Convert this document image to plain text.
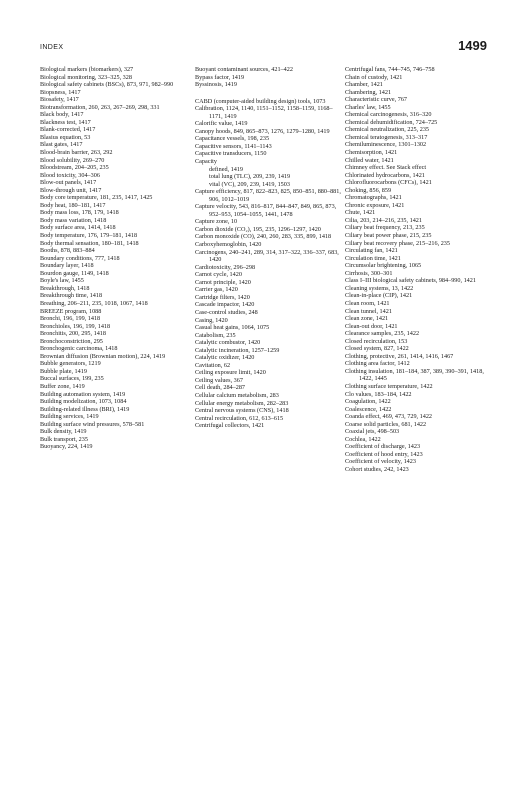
INDEX	1499
Biological markers (biomarkers), 327
Biological monitoring, 323–325, 328
Biological safety cabinets (BSCs), 873, 971, 982–990
Biopsness, 1417
Biosafety, 1417
Biotransformation, 260, 263, 267–269, 298, 331
Black body, 1417
Blackness test, 1417
Blank-corrected, 1417
Blasius equation, 53
Blast gates, 1417
Blood-brain barrier, 263, 292
Blood solubility, 269–270
Bloodstream, 204–205, 235
Blood toxicity, 304–306
Blow-out panels, 1417
Blow-through unit, 1417
Body core temperature, 181, 235, 1417, 1425
Body heat, 180–181, 1417
Body mass loss, 178, 179, 1418
Body mass variation, 1418
Body surface area, 1414, 1418
Body temperature, 176, 179–181, 1418
Body thermal sensation, 180–181, 1418
Booths, 878, 883–884
Boundary conditions, 777, 1418
Boundary layer, 1418
Bourdon gauge, 1149, 1418
Boyle's law, 1455
Breakthrough, 1418
Breakthrough time, 1418
Breathing, 206–211, 235, 1018, 1067, 1418
BREEZE program, 1088
Bronchi, 196, 199, 1418
Bronchioles, 196, 199, 1418
Bronchitis, 200, 295, 1418
Bronchoconstriction, 295
Bronchogenic carcinoma, 1418
Brownian diffusion (Brownian motion), 224, 1419
Bubble generators, 1219
Bubble plate, 1419
Buccal surfaces, 199, 235
Buffer zone, 1419
Building automation system, 1419
Building modelization, 1073, 1084
Building-related illness (BRI), 1419
Building services, 1419
Building surface wind pressures, 578–581
Bulk density, 1419
Bulk transport, 235
Buoyancy, 224, 1419
Buoyant contaminant sources, 421–422
Bypass factor, 1419
Byssinosis, 1419
CABD (computer-aided building design) tools, 1073
Calibration, 1124, 1140, 1151–1152, 1158–1159, 1168–1171, 1419
Calorific value, 1419
Canopy hoods, 849, 865–873, 1276, 1279–1280, 1419
Capacitance vessels, 198, 235
Capacitive sensors, 1141–1143
Capacitive transducers, 1150
Capacity
defined, 1419
total lung (TLC), 209, 239, 1419
vital (VC), 209, 239, 1419, 1503
Capture efficiency, 817, 822–823, 825, 850–851, 880–881, 906, 1012–1019
Capture velocity, 543, 816–817, 844–847, 849, 865, 873, 952–953, 1054–1055, 1441, 1478
Capture zone, 10
Carbon dioxide (CO₂), 195, 235, 1296–1297, 1420
Carbon monoxide (CO), 240, 260, 283, 335, 899, 1418
Carboxyhemoglobin, 1420
Carcinogens, 240–241, 289, 314, 317–322, 336–337, 683, 1420
Cardiotoxicity, 296–298
Carnot cycle, 1420
Carnot principle, 1420
Carrier gas, 1420
Cartridge filters, 1420
Cascade impactor, 1420
Case-control studies, 248
Casing, 1420
Casual heat gains, 1064, 1075
Catabolism, 235
Catalytic combustor, 1420
Catalytic incineration, 1257–1259
Catalytic oxidizer, 1420
Cavitation, 62
Ceiling exposure limit, 1420
Ceiling values, 367
Cell death, 284–287
Cellular calcium metabolism, 283
Cellular energy metabolism, 282–283
Central nervous systems (CNS), 1418
Central recirculation, 612, 613–615
Centrifugal collectors, 1421
Centrifugal fans, 744–745, 746–758
Chain of custody, 1421
Chamber, 1421
Chambering, 1421
Characteristic curve, 767
Charles' law, 1455
Chemical carcinogenesis, 316–320
Chemical dehumidification, 724–725
Chemical neutralization, 225, 235
Chemical teratogenesis, 313–317
Chemiluminescence, 1301–1302
Chemisorption, 1421
Chilled water, 1421
Chimney effect. See Stack effect
Chlorinated hydrocarbons, 1421
Chlorofluorocarbons (CFCs), 1421
Choking, 856, 859
Chromatographs, 1421
Chronic exposure, 1421
Chute, 1421
Cilia, 203, 214–216, 235, 1421
Ciliary beat frequency, 213, 235
Ciliary beat power phase, 215, 235
Ciliary beat recovery phase, 215–216, 235
Circulating fan, 1421
Circulation time, 1421
Circumsolar brightening, 1065
Cirrhosis, 300–301
Class I–III biological safety cabinets, 984–990, 1421
Cleaning systems, 13, 1422
Clean-in-place (CIP), 1421
Clean room, 1421
Clean tunnel, 1421
Clean zone, 1421
Clean-out door, 1421
Clearance samples, 235, 1422
Closed recirculation, 153
Closed system, 827, 1422
Clothing, protective, 261, 1414, 1416, 1467
Clothing area factor, 1412
Clothing insulation, 181–184, 387, 389, 390–391, 1418, 1422, 1445
Clothing surface temperature, 1422
Clo values, 183–184, 1422
Coagulation, 1422
Coalescence, 1422
Coanda effect, 469, 473, 729, 1422
Coarse solid particles, 681, 1422
Coaxial jets, 498–503
Cochlea, 1422
Coefficient of discharge, 1423
Coefficient of hood entry, 1423
Coefficient of velocity, 1423
Cohort studies, 242, 1423
